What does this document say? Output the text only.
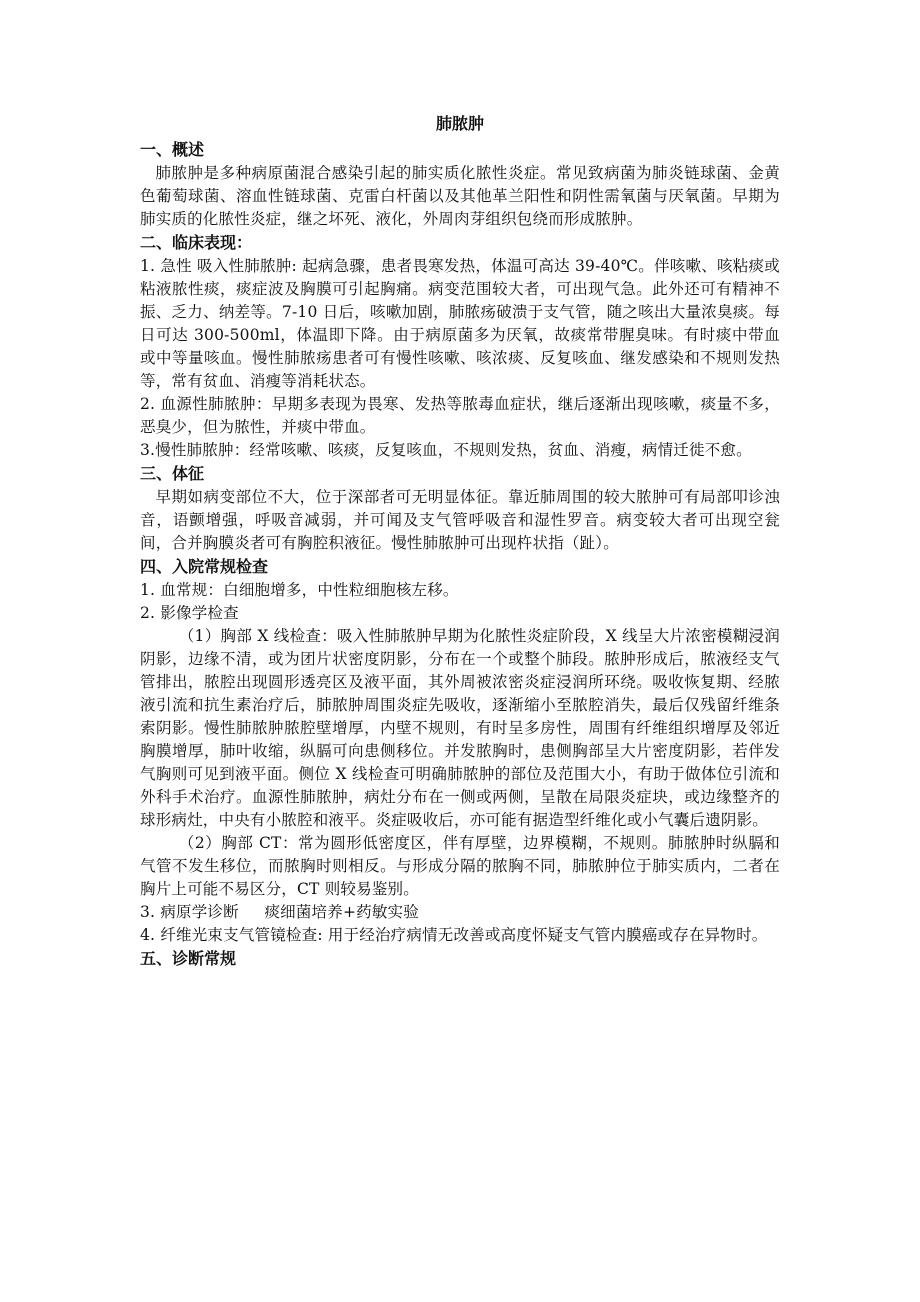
肺脓肿
一、概述

肺脓肿是多种病原菌混合感染引起的肺实质化脓性炎症。常见致病菌为肺炎链球菌、金黄色葡萄球菌、溶血性链球菌、克雷白杆菌以及其他革兰阳性和阴性需氧菌与厌氧菌。早期为肺实质的化脓性炎症，继之坏死、液化，外周肉芽组织包绕而形成脓肿。

二、临床表现：

1. 急性 吸入性肺脓肿: 起病急骤，患者畏寒发热，体温可高达 39-40℃。伴咳嗽、咳粘痰或粘液脓性痰，痰症波及胸膜可引起胸痛。病变范围较大者，可出现气急。此外还可有精神不振、乏力、纳差等。7-10 日后，咳嗽加剧，肺脓疡破溃于支气管，随之咳出大量浓臭痰。每日可达 300-500ml，体温即下降。由于病原菌多为厌氧，故痰常带腥臭味。有时痰中带血或中等量咳血。慢性肺脓疡患者可有慢性咳嗽、咳浓痰、反复咳血、继发感染和不规则发热等，常有贫血、消瘦等消耗状态。

2. 血源性肺脓肿：早期多表现为畏寒、发热等脓毒血症状，继后逐渐出现咳嗽，痰量不多，恶臭少，但为脓性，并痰中带血。

3.慢性肺脓肿：经常咳嗽、咳痰，反复咳血，不规则发热，贫血、消瘦，病情迁徙不愈。

三、体征

早期如病变部位不大，位于深部者可无明显体征。靠近肺周围的较大脓肿可有局部叩诊浊音，语颤增强，呼吸音减弱，并可闻及支气管呼吸音和湿性罗音。病变较大者可出现空瓮间，合并胸膜炎者可有胸腔积液征。慢性肺脓肿可出现杵状指（趾）。

四、入院常规检查

1. 血常规：白细胞增多，中性粒细胞核左移。

2. 影像学检查

（1）胸部 X 线检查：吸入性肺脓肿早期为化脓性炎症阶段，X 线呈大片浓密模糊浸润阴影，边缘不清，或为团片状密度阴影，分布在一个或整个肺段。脓肿形成后，脓液经支气管排出，脓腔出现圆形透亮区及液平面，其外周被浓密炎症浸润所环绕。吸收恢复期、经脓液引流和抗生素治疗后，肺脓肿周围炎症先吸收，逐渐缩小至脓腔消失，最后仅残留纤维条索阴影。慢性肺脓肿脓腔壁增厚，内壁不规则，有时呈多房性，周围有纤维组织增厚及邻近胸膜增厚，肺叶收缩，纵膈可向患侧移位。并发脓胸时，患侧胸部呈大片密度阴影，若伴发气胸则可见到液平面。侧位 X 线检查可明确肺脓肿的部位及范围大小，有助于做体位引流和外科手术治疗。血源性肺脓肿，病灶分布在一侧或两侧，呈散在局限炎症块，或边缘整齐的球形病灶，中央有小脓腔和液平。炎症吸收后，亦可能有据造型纤维化或小气囊后遗阴影。

（2）胸部 CT：常为圆形低密度区，伴有厚壁，边界模糊，不规则。肺脓肿时纵膈和气管不发生移位，而脓胸时则相反。与形成分隔的脓胸不同，肺脓肿位于肺实质内，二者在胸片上可能不易区分，CT 则较易鉴别。

3. 病原学诊断     痰细菌培养+药敏实验

4. 纤维光束支气管镜检查: 用于经治疗病情无改善或高度怀疑支气管内膜癌或存在异物时。

五、诊断常规
